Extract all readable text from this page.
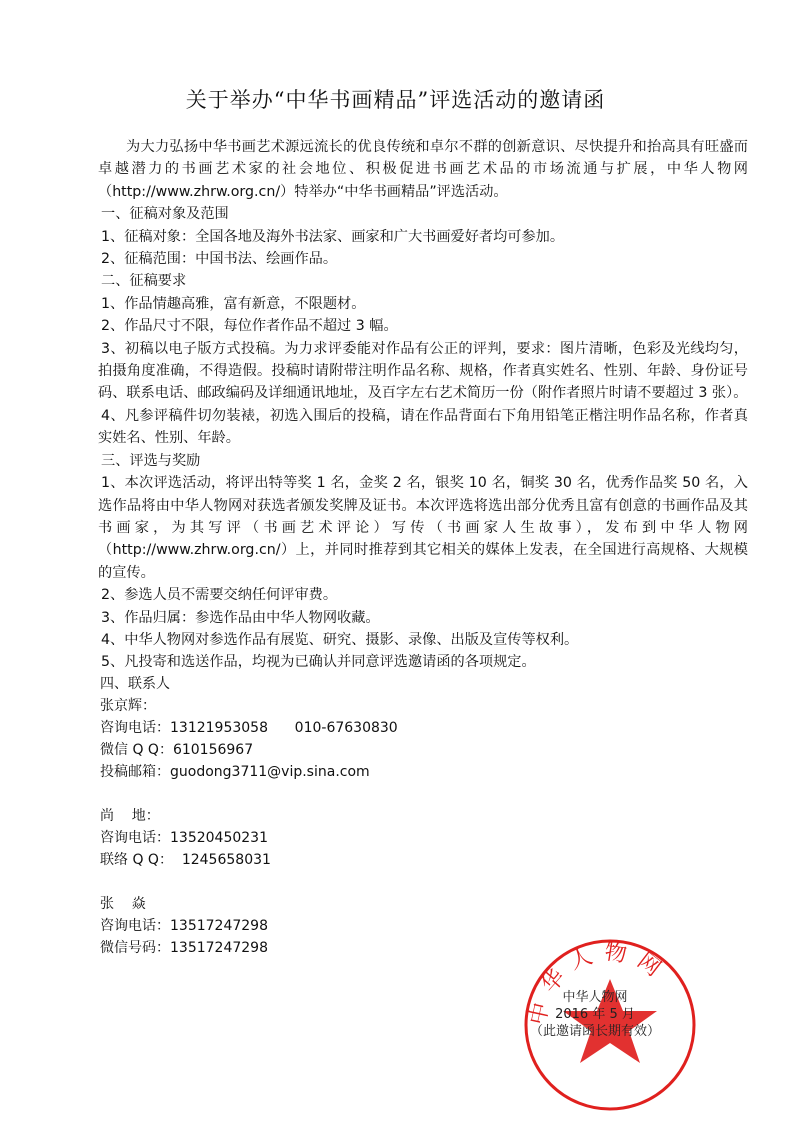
关于举办“中华书画精品”评选活动的邀请函

为大力弘扬中华书画艺术源远流长的优良传统和卓尔不群的创新意识、尽快提升和抬高具有旺盛而卓越潜力的书画艺术家的社会地位、积极促进书画艺术品的市场流通与扩展，中华人物网（http://www.zhrw.org.cn/）特举办“中华书画精品”评选活动。

一、征稿对象及范围

1、征稿对象：全国各地及海外书法家、画家和广大书画爱好者均可参加。

2、征稿范围：中国书法、绘画作品。

二、征稿要求

1、作品情趣高雅，富有新意，不限题材。

2、作品尺寸不限，每位作者作品不超过 3 幅。

3、初稿以电子版方式投稿。为力求评委能对作品有公正的评判，要求：图片清晰，色彩及光线均匀，拍摄角度准确，不得造假。投稿时请附带注明作品名称、规格，作者真实姓名、性别、年龄、身份证号码、联系电话、邮政编码及详细通讯地址，及百字左右艺术简历一份（附作者照片时请不要超过 3 张）。

4、凡参评稿件切勿装裱，初选入围后的投稿，请在作品背面右下角用铅笔正楷注明作品名称，作者真实姓名、性别、年龄。

三、评选与奖励

1、本次评选活动，将评出特等奖 1 名，金奖 2 名，银奖 10 名，铜奖 30 名，优秀作品奖 50 名，入选作品将由中华人物网对获选者颁发奖牌及证书。本次评选将选出部分优秀且富有创意的书画作品及其书画家，为其写评（书画艺术评论）写传（书画家人生故事），发布到中华人物网（http://www.zhrw.org.cn/）上，并同时推荐到其它相关的媒体上发表，在全国进行高规格、大规模的宣传。

2、参选人员不需要交纳任何评审费。

3、作品归属：参选作品由中华人物网收藏。

4、中华人物网对参选作品有展览、研究、摄影、录像、出版及宣传等权利。

5、凡投寄和选送作品，均视为已确认并同意评选邀请函的各项规定。

四、联系人
张京辉：
咨询电话：13121953058      010-67630830
微信 Q Q：610156967
投稿邮箱：guodong3711@vip.sina.com
尚    地：
咨询电话：13520450231
联络 Q Q：  1245658031
张    焱
咨询电话：13517247298
微信号码：13517247298
中华人物网
中华人物网
2016 年 5 月
（此邀请函长期有效）
